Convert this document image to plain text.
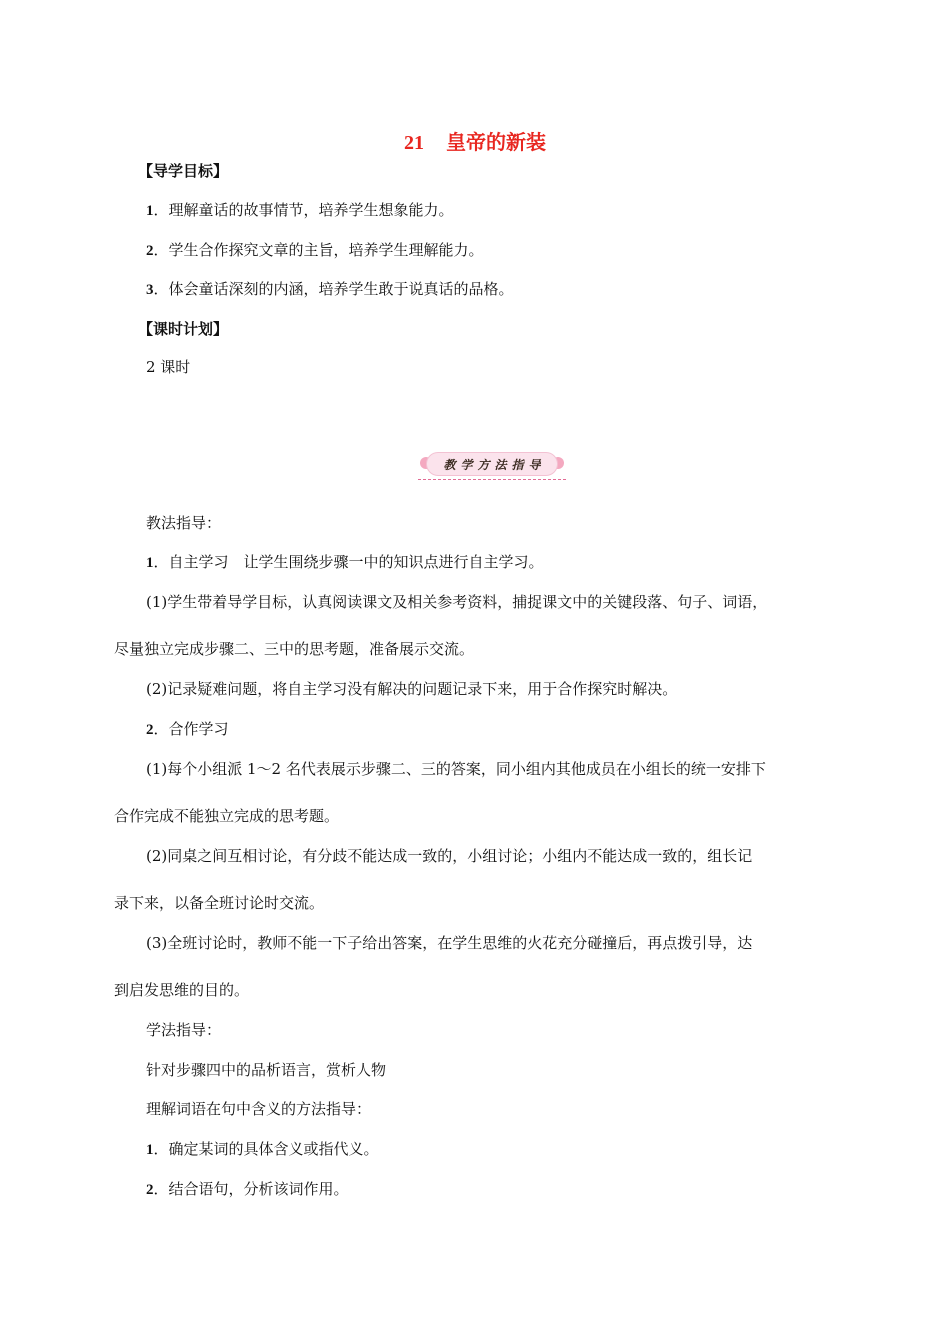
21 皇帝的新装
【导学目标】
1．理解童话的故事情节，培养学生想象能力。
2．学生合作探究文章的主旨，培养学生理解能力。
3．体会童话深刻的内涵，培养学生敢于说真话的品格。
【课时计划】
2 课时
教学方法指导
教法指导：
1．自主学习　让学生围绕步骤一中的知识点进行自主学习。
(1)学生带着导学目标，认真阅读课文及相关参考资料，捕捉课文中的关键段落、句子、词语，
尽量独立完成步骤二、三中的思考题，准备展示交流。
(2)记录疑难问题，将自主学习没有解决的问题记录下来，用于合作探究时解决。
2．合作学习
(1)每个小组派 1～2 名代表展示步骤二、三的答案，同小组内其他成员在小组长的统一安排下
合作完成不能独立完成的思考题。
(2)同桌之间互相讨论，有分歧不能达成一致的，小组讨论；小组内不能达成一致的，组长记
录下来，以备全班讨论时交流。
(3)全班讨论时，教师不能一下子给出答案，在学生思维的火花充分碰撞后，再点拨引导，达
到启发思维的目的。
学法指导：
针对步骤四中的品析语言，赏析人物
理解词语在句中含义的方法指导：
1．确定某词的具体含义或指代义。
2．结合语句，分析该词作用。
